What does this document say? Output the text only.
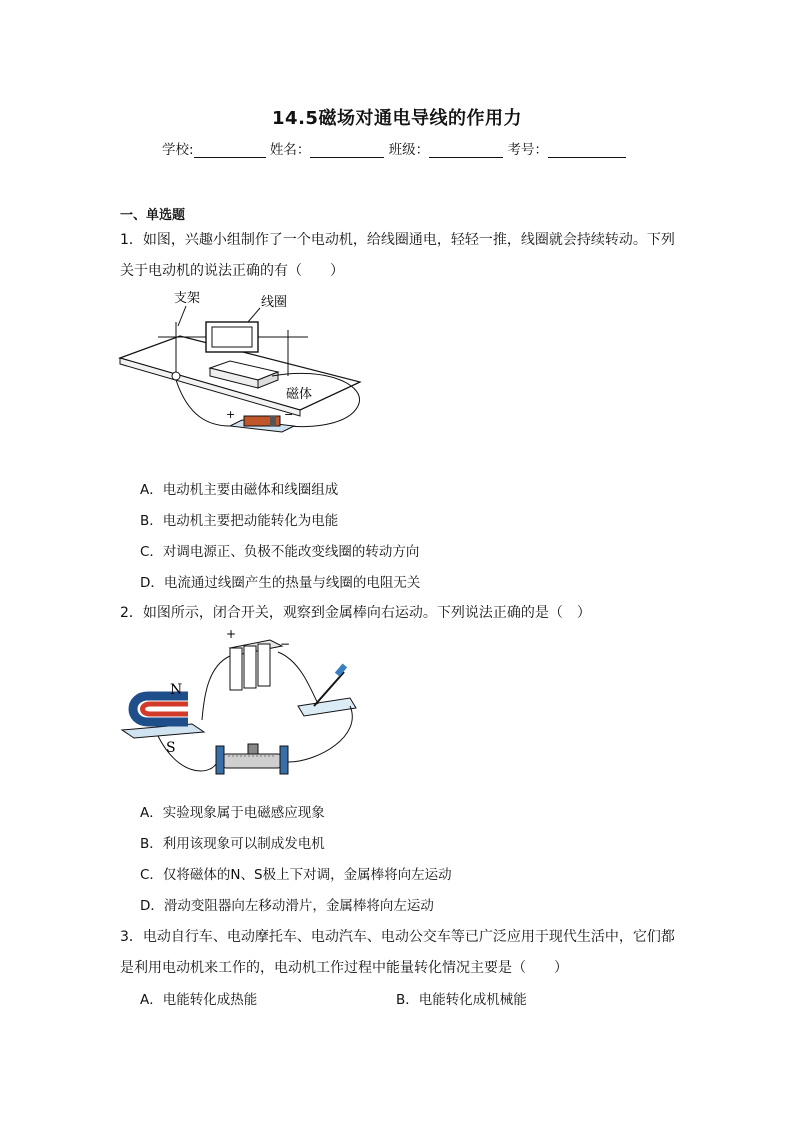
14.5磁场对通电导线的作用力
学校:	姓名：	班级：	考号：
一、单选题
1．如图，兴趣小组制作了一个电动机，给线圈通电，轻轻一推，线圈就会持续转动。下列
关于电动机的说法正确的有（　　）
支架	线圈
磁体
+	−
A．电动机主要由磁体和线圈组成
B．电动机主要把动能转化为电能
C．对调电源正、负极不能改变线圈的转动方向
D．电流通过线圈产生的热量与线圈的电阻无关
2．如图所示，闭合开关，观察到金属棒向右运动。下列说法正确的是（　）
+
−
N
S
A．实验现象属于电磁感应现象
B．利用该现象可以制成发电机
C．仅将磁体的N、S极上下对调，金属棒将向左运动
D．滑动变阻器向左移动滑片，金属棒将向左运动
3．电动自行车、电动摩托车、电动汽车、电动公交车等已广泛应用于现代生活中，它们都
是利用电动机来工作的，电动机工作过程中能量转化情况主要是（　　）
A．电能转化成热能	B．电能转化成机械能
